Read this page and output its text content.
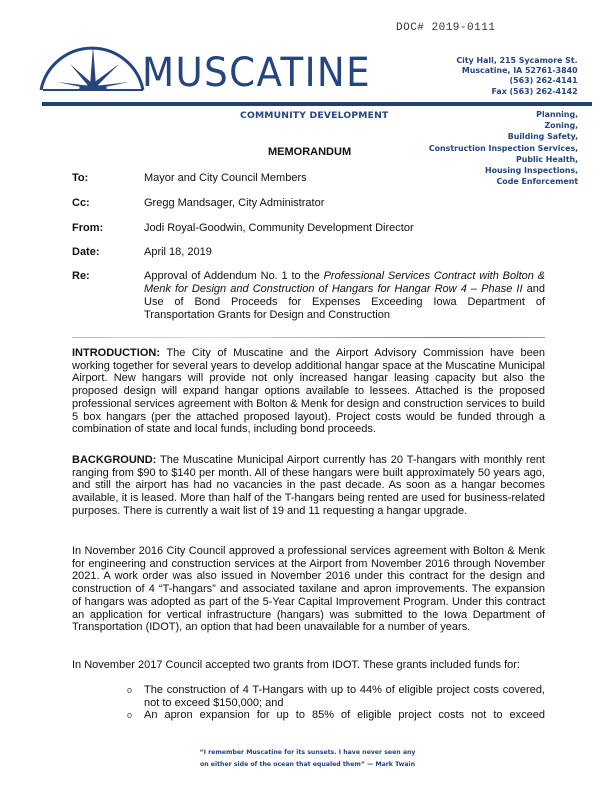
DOC# 2019-0111
MUSCATINE	City Hall, 215 Sycamore St.
Muscatine, IA 52761-3840
(563) 262-4141
Fax (563) 262-4142
COMMUNITY DEVELOPMENT	Planning,
Zoning,
Building Safety,
Construction Inspection Services,
Public Health,
Housing Inspections,
Code Enforcement
MEMORANDUM
To:	Mayor and City Council Members
Cc:	Gregg Mandsager, City Administrator
From:	Jodi Royal-Goodwin, Community Development Director
Date:	April 18, 2019
Re:	Approval of Addendum No. 1 to the Professional Services Contract with Bolton & Menk for Design and Construction of Hangars for Hangar Row 4 – Phase II and Use of Bond Proceeds for Expenses Exceeding Iowa Department of Transportation Grants for Design and Construction
INTRODUCTION: The City of Muscatine and the Airport Advisory Commission have been working together for several years to develop additional hangar space at the Muscatine Municipal Airport. New hangars will provide not only increased hangar leasing capacity but also the proposed design will expand hangar options available to lessees. Attached is the proposed professional services agreement with Bolton & Menk for design and construction services to build 5 box hangars (per the attached proposed layout). Project costs would be funded through a combination of state and local funds, including bond proceeds.
BACKGROUND: The Muscatine Municipal Airport currently has 20 T-hangars with monthly rent ranging from $90 to $140 per month. All of these hangars were built approximately 50 years ago, and still the airport has had no vacancies in the past decade. As soon as a hangar becomes available, it is leased. More than half of the T-hangars being rented are used for business-related purposes. There is currently a wait list of 19 and 11 requesting a hangar upgrade.
In November 2016 City Council approved a professional services agreement with Bolton & Menk for engineering and construction services at the Airport from November 2016 through November 2021. A work order was also issued in November 2016 under this contract for the design and construction of 4 “T-hangars” and associated taxilane and apron improvements. The expansion of hangars was adopted as part of the 5-Year Capital Improvement Program. Under this contract an application for vertical infrastructure (hangars) was submitted to the Iowa Department of Transportation (IDOT), an option that had been unavailable for a number of years.
In November 2017 Council accepted two grants from IDOT. These grants included funds for:
o The construction of 4 T-Hangars with up to 44% of eligible project costs covered, not to exceed $150,000; and
o An apron expansion for up to 85% of eligible project costs not to exceed
“I remember Muscatine for its sunsets. I have never seen any
on either side of the ocean that equaled them” — Mark Twain
